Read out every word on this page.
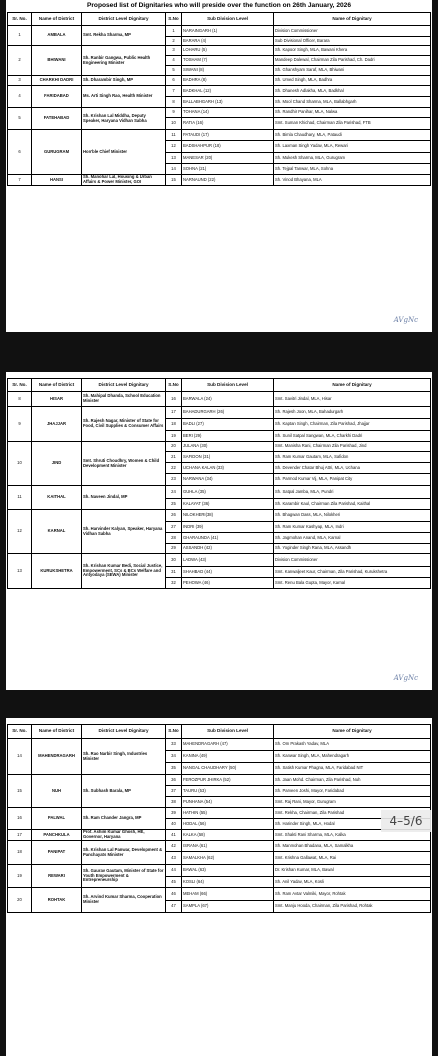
Proposed list of Dignitaries who will preside over the function on 26th January, 2026
Sr. No.	Name of District	District Level Dignitary	S.No	Sub Division Level	Name of Dignitary
1	AMBALA	Smt. Rekha Sharma, MP	1	NARAINGARH (1)	Division Commissioner
			2	BARARA (4)	Sub Divisional Officer, Barara
2	BHIWANI	Sh. Ranbir Gangwa, Public Health Engineering Minister	3	LOHARU (5)	Sh. Kapoor Singh, MLA, Bawani Khera
			4	TOSHAM (7)	Mandeep Dalewal, Chairman Zila Parishad, Ch. Dadri
			5	SIWANI (8)	Sh. Ghanshyam Saraf, MLA, Bhiwani
3	CHARKHI DADRI	Sh. Dharambir Singh, MP	6	BADHRA (8)	Sh. Umed Singh, MLA, Badhra
4	FARIDABAD	Ms. Arti Singh Rao, Health Minister	7	BADKHAL (12)	Sh. Dhanesh Adlakha, MLA, Badkhal
			8	BALLABHGARH (13)	Sh. Mool Chand Sharma, MLA, Ballabhgarh
5	FATEHABAD	Sh. Krishan Lal Middha, Deputy Speaker, Haryana Vidhan Sabha	9	TOHANA (14)	Sh. Randhir Panihar, MLA, Nalwa
			10	RATIA (16)	Smt. Suman Khichad, Chairman Zila Parishad, FTB
6	GURUGRAM	Hon'ble Chief Minister	11	PATAUDI (17)	Sh. Bimla Chaudhary, MLA, Pataudi
			12	BADSHAHPUR (18)	Sh. Laxman Singh Yadav, MLA, Rewari
			13	MANESAR (20)	Sh. Mukesh Sharma, MLA, Gurugram
			14	SOHNA (21)	Sh. Tejpal Tanwar, MLA, Sohna
7	HANSI	Sh. Manohar Lal, Housing & Urban Affairs & Power Minister, GOI	15	NARNAUND (22)	Sh. Vinod Bhayana, MLA
AVgNc
Sr. No.	Name of District	District Level Dignitary	S.No	Sub Division Level	Name of Dignitary
8	HISAR	Sh. Mahipal Dhanda, School Education Minister	16	BARWALA (24)	Smt. Savitri Jindal, MLA, Hisar
9	JHAJJAR	Sh. Rajesh Nagar, Minister of State for Food, Civil Supplies & Consumer Affairs	17	BAHADURGARH (26)	Sh. Rajesh Joon, MLA, Bahadurgarh
			18	BADLI (27)	Sh. Kaptan Singh, Chairman, Zila Parishad, Jhajjar
			19	BERI (29)	Sh. Sunil Satpal Sangwan, MLA, Charkhi Dadri
10	JIND	Smt. Shruti Choudhry, Women & Child Development Minister	20	JULANA (30)	Smt. Manisha Rani, Chairman Zila Parishad, Jind
			21	SAFIDON (31)	Sh. Ram Kumar Gautam, MLA, Safidon
			22	UCHANA KALAN (33)	Sh. Devender Chatar Bhuj Attri, MLA, Uchana
			23	NARWANA (34)	Sh. Parmod Kumar Vij, MLA, Panipat City
11	KAITHAL	Sh. Naveen Jindal, MP	24	GUHLA (35)	Sh. Satpal Jamba, MLA, Pundri
			25	KALAYAT (36)	Sh. Karambir Kaul, Chairman Zila Parishad, Kaithal
12	KARNAL	Sh. Harvinder Kalyan, Speaker, Haryana Vidhan Sabha	26	NILOKHERI(38)	Sh. Bhagwan Dass, MLA, Nilokheri
			27	INDRI (39)	Sh. Ram Kumar Kashyap, MLA, Indri
			28	GHARAUNDA (41)	Sh. Jagmohan Anand, MLA, Karnal
			29	ASSANDH (42)	Sh. Yoginder Singh Rana, MLA, Assandh
13	KURUKSHETRA	Sh. Krishan Kumar Bedi, Social Justice, Empowerment, SCs & BCs Welfare and Antyodaya (SEWA) Minister	30	LADWA (43)	Division Commissioner
			31	SHAHBAD (44)	Smt. Kanwaljeet Kaur, Chairman, Zila Parishad, Kurukshetra
			32	PEHOWA (46)	Smt. Renu Bala Gupta, Mayor, Karnal
AVgNc
Sr. No.	Name of District	District Level Dignitary	S.No	Sub Division Level	Name of Dignitary
14	MAHENDRAGARH	Sh. Rao Narbir Singh, Industries Minister	33	MAHENDRAGARH (47)	Sh. Om Prakash Yadav, MLA
			34	KANINA (49)	Sh. Kanwar Singh, MLA, Mahendragarh
			35	NANGAL CHAUDHARY (50)	Sh. Satish Kumar Phagna, MLA, Faridabad NIT
15	NUH	Sh. Subhash Barala, MP	36	FEROZPUR JHIRKA (52)	Sh. Jaan Mohd. Chairman, Zila Parishad, Nuh
			37	TAURU (53)	Sh. Parveen Joshi, Mayor, Faridabad
			38	PUNHANA (54)	Smt. Raj Rani, Mayor, Gurugram
16	PALWAL	Sh. Ram Chander Jangra, MP	39	HATHIN (55)	Smt. Rekha, Chairman, Zila Parishad
			40	HODAL (56)	Sh. Harinder Singh, MLA, Hodal
17	PANCHKULA	Prof. Ashim Kumar Ghosh, HE, Governor, Haryana	41	KALKA (58)	Smt. Shakti Rani Sharma, MLA, Kalka
18	PANIPAT	Sh. Krishan Lal Panwar, Development & Panchayats Minister	42	ISRANA (61)	Sh. Manmohan Bhadana, MLA, Samalkha
			43	SAMALKHA (62)	Smt. Krishna Gallawat, MLA, Rai
19	REWARI	Sh. Gaurav Gautam, Minister of State for Youth Empowerment & Entrepreneurship	44	BAWAL (63)	Dr. Krishan Kumar, MLA, Bawal
			45	KOSLI (64)	Sh. Anil Yadav, MLA, Kosli
20	ROHTAK	Sh. Arvind Kumar Sharma, Cooperation Minister	46	MEHAM (66)	Sh. Ram Avtar Valmiki, Mayor, Rohtak
			47	SAMPLA (67)	Smt. Manju Hooda, Chairman, Zila Parishad, Rohtak
4–5/6
